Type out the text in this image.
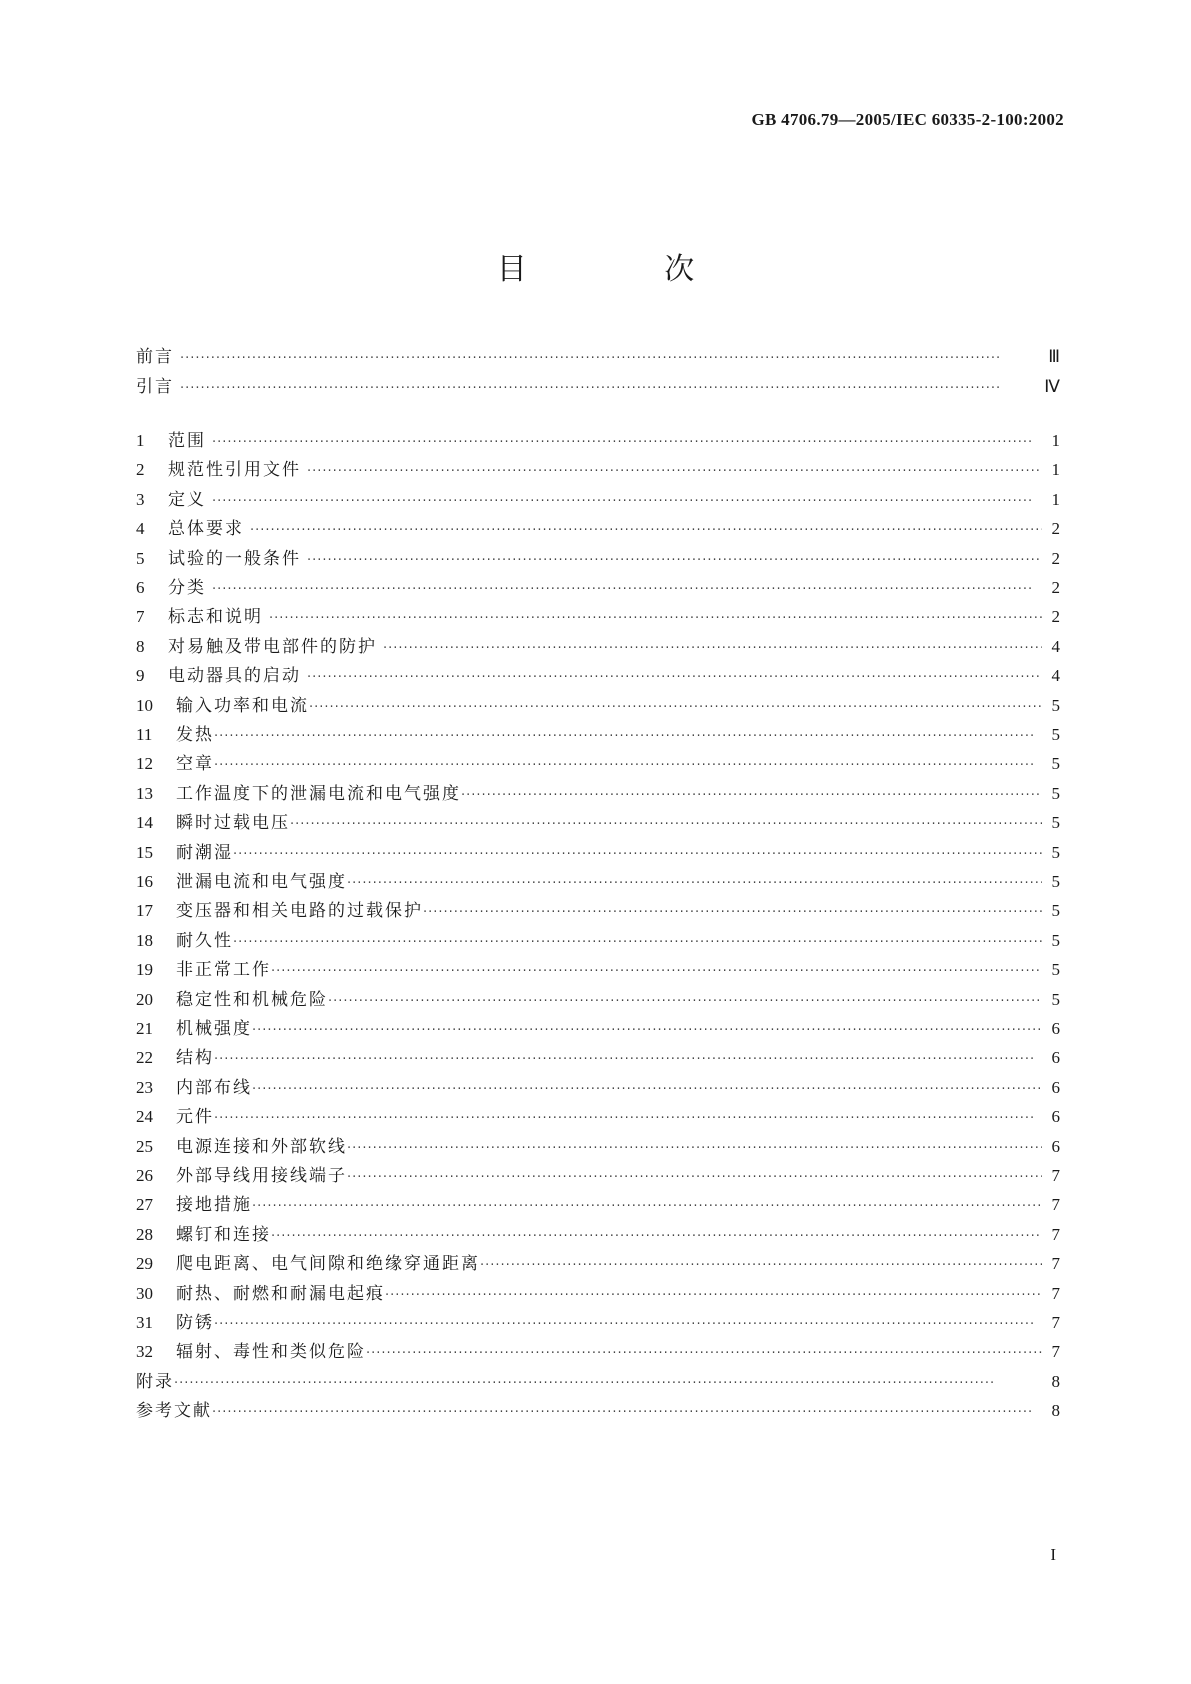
GB 4706.79—2005/IEC 60335-2-100:2002
目 次
前言 ·····	Ⅲ
引言 ·····	Ⅳ
1	范围 ·····	1
2	规范性引用文件 ·····	1
3	定义 ·····	1
4	总体要求 ·····	2
5	试验的一般条件 ·····	2
6	分类 ·····	2
7	标志和说明 ·····	2
8	对易触及带电部件的防护 ·····	4
9	电动器具的启动 ·····	4
10	输入功率和电流 ·····	5
11	发热 ·····	5
12	空章 ·····	5
13	工作温度下的泄漏电流和电气强度 ·····	5
14	瞬时过载电压 ·····	5
15	耐潮湿 ·····	5
16	泄漏电流和电气强度 ·····	5
17	变压器和相关电路的过载保护 ·····	5
18	耐久性 ·····	5
19	非正常工作 ·····	5
20	稳定性和机械危险 ·····	5
21	机械强度 ·····	6
22	结构 ·····	6
23	内部布线 ·····	6
24	元件 ·····	6
25	电源连接和外部软线 ·····	6
26	外部导线用接线端子 ·····	7
27	接地措施 ·····	7
28	螺钉和连接 ·····	7
29	爬电距离、电气间隙和绝缘穿通距离 ·····	7
30	耐热、耐燃和耐漏电起痕 ·····	7
31	防锈 ·····	7
32	辐射、毒性和类似危险 ·····	7
附录 ·····	8
参考文献 ·····	8
I
